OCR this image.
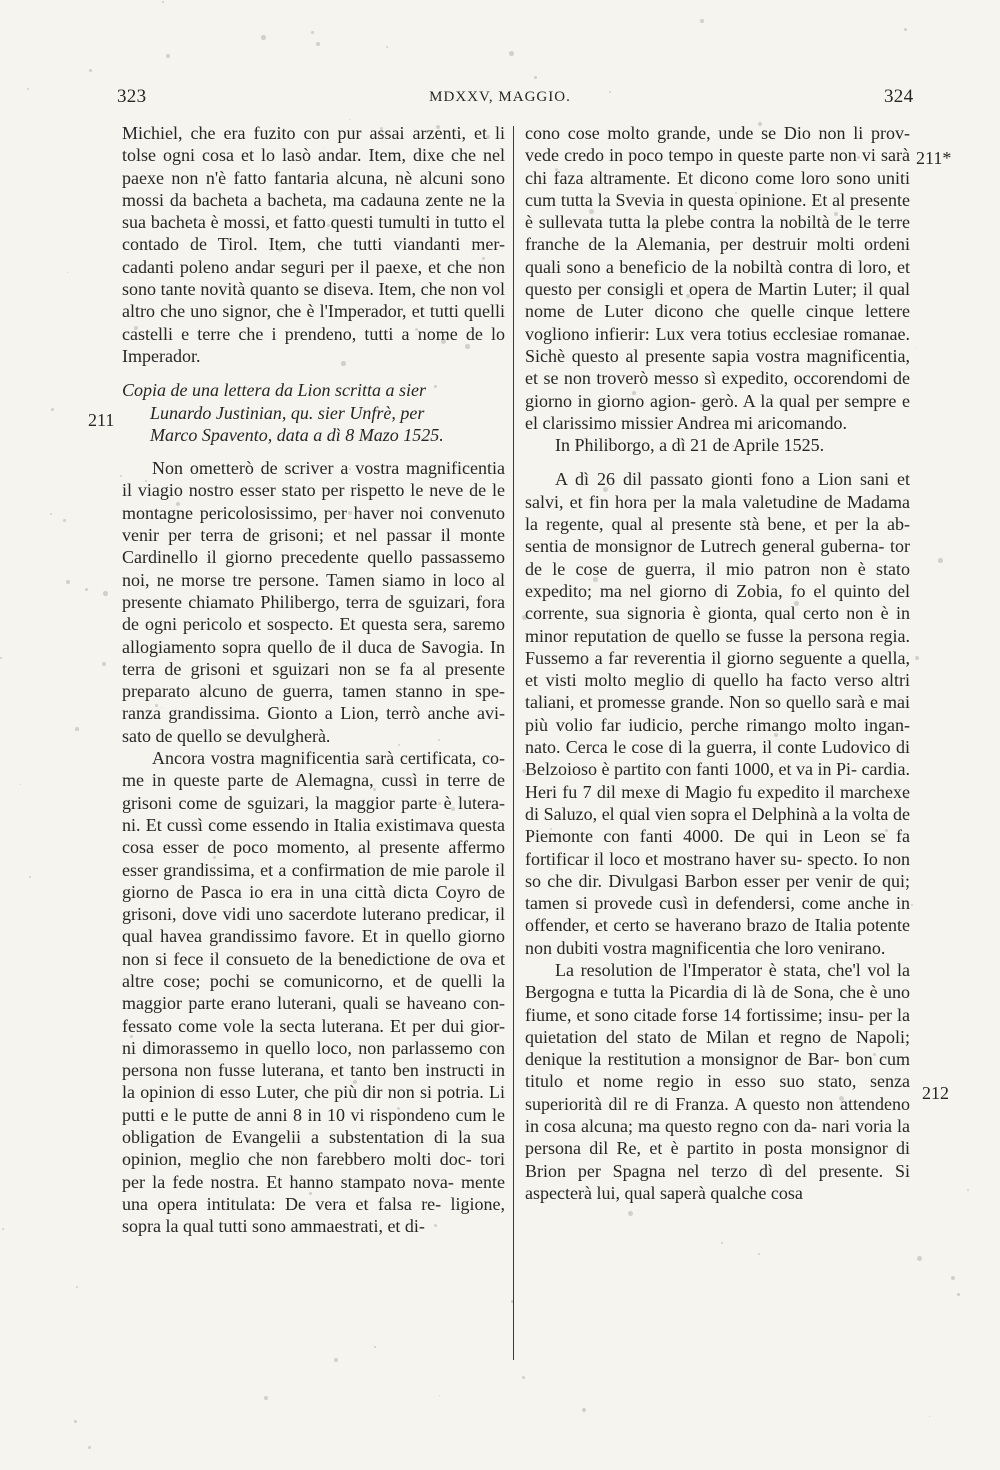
323	MDXXV, MAGGIO.	324
211
211*
212

Michiel, che era fuzito con pur assai arzenti, et li tolse ogni cosa et lo lasò andar. Item, dixe che nel paexe non n'è fatto fantaria alcuna, nè alcuni sono mossi da bacheta a bacheta, ma cadauna zente ne la sua bacheta è mossi, et fatto questi tumulti in tutto el contado de Tirol. Item, che tutti viandanti mer- cadanti poleno andar seguri per il paexe, et che non sono tante novità quanto se diseva. Item, che non vol altro che uno signor, che è l'Imperador, et tutti quelli castelli e terre che i prendeno, tutti a nome de lo Imperador.

Copia de una lettera da Lion scritta a sier
Lunardo Justinian, qu. sier Unfrè, per
Marco Spavento, data a dì 8 Mazo 1525.

Non ometterò de scriver a vostra magnificentia il viagio nostro esser stato per rispetto le neve de le montagne pericolosissimo, per haver noi convenuto venir per terra de grisoni; et nel passar il monte Cardinello il giorno precedente quello passassemo noi, ne morse tre persone. Tamen siamo in loco al presente chiamato Philibergo, terra de sguizari, fora de ogni pericolo et sospecto. Et questa sera, saremo allogiamento sopra quello de il duca de Savogia. In terra de grisoni et sguizari non se fa al presente preparato alcuno de guerra, tamen stanno in spe- ranza grandissima. Gionto a Lion, terrò anche avi- sato de quello se devulgherà.

Ancora vostra magnificentia sarà certificata, co- me in queste parte de Alemagna, cussì in terre de grisoni come de sguizari, la maggior parte è lutera- ni. Et cussì come essendo in Italia existimava questa cosa esser de poco momento, al presente affermo esser grandissima, et a confirmation de mie parole il giorno de Pasca io era in una città dicta Coyro de grisoni, dove vidi uno sacerdote luterano predicar, il qual havea grandissimo favore. Et in quello giorno non si fece il consueto de la benedictione de ova et altre cose; pochi se comunicorno, et de quelli la maggior parte erano luterani, quali se haveano con- fessato come vole la secta luterana. Et per dui gior- ni dimorassemo in quello loco, non parlassemo con persona non fusse luterana, et tanto ben instructi in la opinion di esso Luter, che più dir non si potria. Li putti e le putte de anni 8 in 10 vi rispondeno cum le obligation de Evangelii a substentation di la sua opinion, meglio che non farebbero molti doc- tori per la fede nostra. Et hanno stampato nova- mente una opera intitulata: De vera et falsa re- ligione, sopra la qual tutti sono ammaestrati, et di-

cono cose molto grande, unde se Dio non li prov- vede credo in poco tempo in queste parte non vi sarà chi faza altramente. Et dicono come loro sono uniti cum tutta la Svevia in questa opinione. Et al presente è sullevata tutta la plebe contra la nobiltà de le terre franche de la Alemania, per destruir molti ordeni quali sono a beneficio de la nobiltà contra di loro, et questo per consigli et opera de Martin Luter; il qual nome de Luter dicono che quelle cinque lettere vogliono infierir: Lux vera totius ecclesiae romanae. Sichè questo al presente sapia vostra magnificentia, et se non troverò messo sì expedito, occorendomi de giorno in giorno agion- gerò. A la qual per sempre e el clarissimo missier Andrea mi aricomando.

In Philiborgo, a dì 21 de Aprile 1525.

A dì 26 dil passato gionti fono a Lion sani et salvi, et fin hora per la mala valetudine de Madama la regente, qual al presente stà bene, et per la ab- sentia de monsignor de Lutrech general guberna- tor de le cose de guerra, il mio patron non è stato expedito; ma nel giorno di Zobia, fo el quinto del corrente, sua signoria è gionta, qual certo non è in minor reputation de quello se fusse la persona regia. Fussemo a far reverentia il giorno seguente a quella, et visti molto meglio di quello ha facto verso altri taliani, et promesse grande. Non so quello sarà e mai più volio far iudicio, perche rimango molto ingan- nato. Cerca le cose di la guerra, il conte Ludovico di Belzoioso è partito con fanti 1000, et va in Pi- cardia. Heri fu 7 dil mexe di Magio fu expedito il marchexe di Saluzo, el qual vien sopra el Delphinà a la volta de Piemonte con fanti 4000. De qui in Leon se fa fortificar il loco et mostrano haver su- specto. Io non so che dir. Divulgasi Barbon esser per venir de qui; tamen si provede cusì in defendersi, come anche in offender, et certo se haverano brazo de Italia potente non dubiti vostra magnificentia che loro venirano.

La resolution de l'Imperator è stata, che'l vol la Bergogna e tutta la Picardia di là de Sona, che è uno fiume, et sono citade forse 14 fortissime; insu- per la quietation del stato de Milan et regno de Napoli; denique la restitution a monsignor de Bar- bon cum titulo et nome regio in esso suo stato, senza superiorità dil re di Franza. A questo non attendeno in cosa alcuna; ma questo regno con da- nari voria la persona dil Re, et è partito in posta monsignor di Brion per Spagna nel terzo dì del presente. Si aspecterà lui, qual saperà qualche cosa
